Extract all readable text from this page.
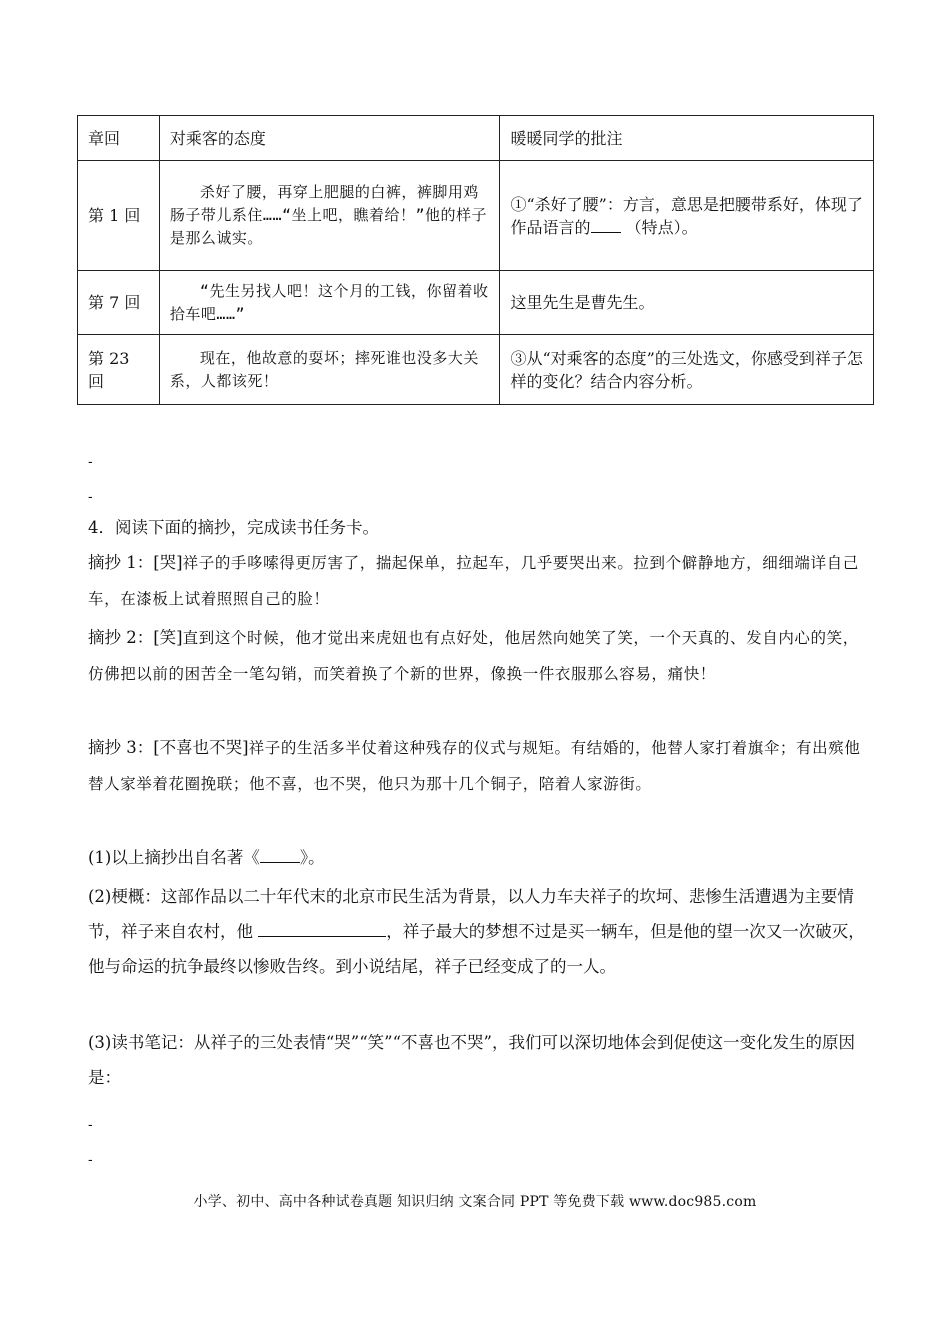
章回	对乘客的态度	暖暖同学的批注
第 1 回	杀好了腰，再穿上肥腿的白裤，裤脚用鸡肠子带儿系住……“坐上吧，瞧着给！”他的样子是那么诚实。	①“杀好了腰”：方言，意思是把腰带系好，体现了作品语言的 （特点）。
第 7 回	“先生另找人吧！这个月的工钱，你留着收拾车吧……”	这里先生是曹先生。
第 23 回	现在，他故意的耍坏；摔死谁也没多大关系，人都该死！	③从“对乘客的态度”的三处选文，你感受到祥子怎样的变化？结合内容分析。
-
-

4．阅读下面的摘抄，完成读书任务卡。

摘抄 1：[哭]祥子的手哆嗦得更厉害了，揣起保单，拉起车，几乎要哭出来。拉到个僻静地方，细细端详自己车，在漆板上试着照照自己的脸！

摘抄 2：[笑]直到这个时候，他才觉出来虎妞也有点好处，他居然向她笑了笑，一个天真的、发自内心的笑，仿佛把以前的困苦全一笔勾销，而笑着换了个新的世界，像换一件衣服那么容易，痛快！

摘抄 3：[不喜也不哭]祥子的生活多半仗着这种残存的仪式与规矩。有结婚的，他替人家打着旗伞；有出殡他替人家举着花圈挽联；他不喜，也不哭，他只为那十几个铜子，陪着人家游街。

(1)以上摘抄出自名著《 》。

(2)梗概：这部作品以二十年代末的北京市民生活为背景，以人力车夫祥子的坎坷、悲惨生活遭遇为主要情节，祥子来自农村，他	，祥子最大的梦想不过是买一辆车，但是他的望一次又一次破灭，他与命运的抗争最终以惨败告终。到小说结尾，祥子已经变成了的一人。

(3)读书笔记：从祥子的三处表情“哭”“笑”“不喜也不哭”，我们可以深切地体会到促使这一变化发生的原因是：

-
-
小学、初中、高中各种试卷真题 知识归纳 文案合同 PPT 等免费下载 www.doc985.com
